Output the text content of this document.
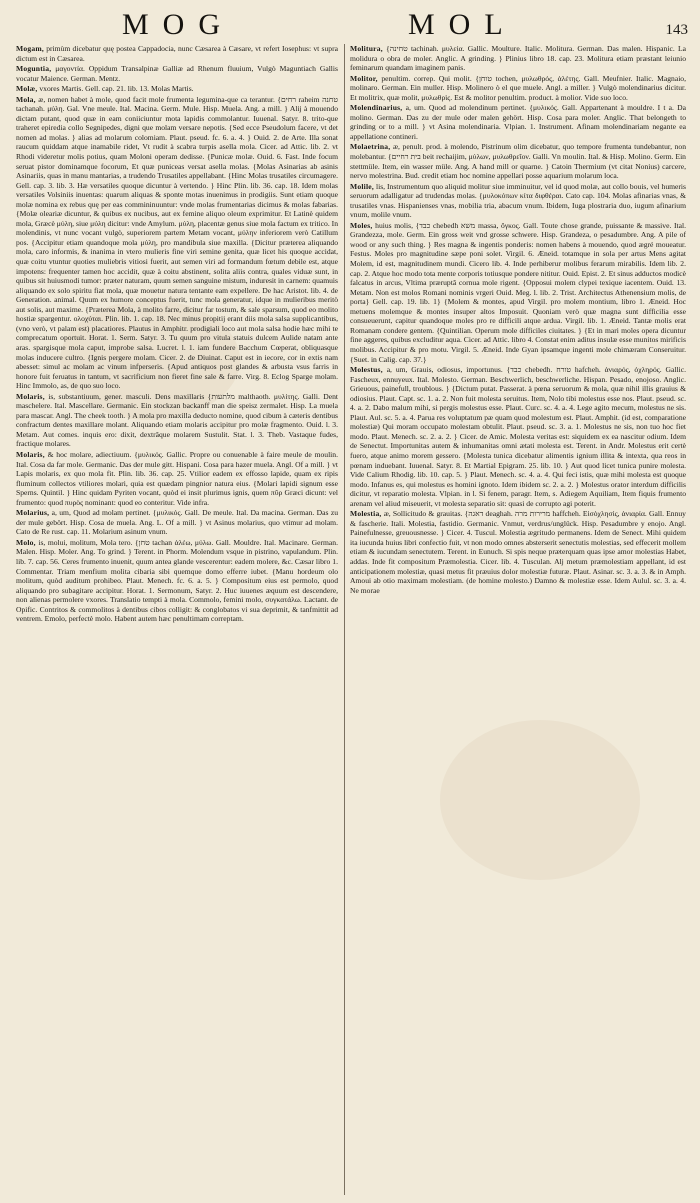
MOG	MOL	143

Mogam, primùm dicebatur quę postea Cappadocia, nunc Cæsarea à Cæsare, vt refert Iosephus: vt supra dictum est in Cæsarea.

Moguntia, μαγοντία. Oppidum Transalpinæ Galliæ ad Rhenum fluuium, Vulgò Maguntiach Gallis vocatur Maience. German. Mentz.

Molæ, vxores Martis. Gell. cap. 21. lib. 13. Molas Martis.

Mola, æ, nomen habet à mole, quod facit mole frumenta legumina-que ca terantur. {רחים raheim טחנה tachanah. μύλη. Gal. Vne meule. Ital. Macina. Germ. Mule. Hisp. Muela. Ang. a mill. } Alij à mouendo dictam putant, quod quæ in eam coniiciuntur mota lapidis commolantur. Iuuenal. Satyr. 8. trito-que traheret epiredia collo Segnipedes, digni que molam versare nepotis. {Sed ecce Pseudolum facere, vt det nomen ad molas. } alias ad molarum colomiam. Plaut. pseud. fc. 6. a. 4. } Ouid. 2. de Arte. Illa sonat raucum quiddam atque inamabile ridet, Vt rudit à scabra turpis asella mola. Cicer. ad Attic. lib. 2. vt Rhodi videretur molis potius, quam Moloni operam dedisse. {Punicæ molæ. Ouid. 6. Fast. Inde focum seruat pistor dominamque focorum, Et quæ puniceas versat asella molas. {Molas Asinarias ab asinis Asinariis, quas in manu mantarias, a trudendo Trusatiles appellabant. {Hinc Molas trusatiles circumagere. Gell. cap. 3. lib. 3. Hæ versatiles quoque dicuntur à vertendo. } Hinc Plin. lib. 36. cap. 18. Idem molas versatiles Volsiniis inuentas: quarum aliquas & sponte motas inuenimus in prodigiis. Sunt etiam quoque molæ nomina ex rebus quę per eas commininuuntur: vnde molas frumentarias dicimus & molas fabarias. {Molæ oleariæ dicuntur, & quibus ex nucibus, aut ex femine aliquo oleum exprimitur. Et Latinè quidem mola, Græcè μύλη, siue μύλη dicitur: vnde Amylum. μύλη, placentæ genus siue mola factum ex tritico. In molendinis, vt nunc vocant vulgò, superiorem partem Metam vocant, μύλην inferiorem verò Catillum pos. {Accipitur etiam quandoque mola μύλη, pro mandibula siue maxilla. {Dicitur præterea aliquando mola, caro informis, & inanima in vtero mulieris fine viri semine genita, quæ licet his quoque accidat, quæ coitu vtuntur quoties muliebris vitiosi fuerit, aut semen viri ad formandum fœtum debile est, atque impotens: frequenter tamen hoc accidit, quæ à coitu abstinent, solita aliis contra, quales viduæ sunt, in quibus sit huiusmodi tumor: præter naturam, quum semen sanguine mistum, induresit in carnem: quamuis aliquando ex solo spiritu fiat mola, quæ mouetur natura tentante eam expellere. De hac Aristot. lib. 4. de Generation. animal. Quum ex humore conceptus fuerit, tunc mola generatur, idque in mulieribus meritò aut solis, aut maxime. {Præterea Mola, à molito farre, dicitur far tostum, & sale sparsum, quod eo molito hostiæ spargentur. ολοχύται. Plin. lib. 1. cap. 18. Nec minus propitij erant diis mola salsa supplicantibus, (vno verò, vt palam est) placatiores. Plautus in Amphitr. prodigiali loco aut mola salsa hodie hæc mihi te comprecatum oportuit. Horat. 1. Serm. Satyr. 3. Tu quum pro vitula statuis dulcem Aulide natam ante aras. spargisque mola caput, improbe salsa. Lucret. l. 1. iam fundere Bacchum Cœperat, obliquasque molas inducere cultro. {Ignis pergere molam. Cicer. 2. de Diuinat. Caput est in iecore, cor in extis nam abesset: simul ac molam ac vinum infperseris. {Apud antiquos post glandes & arbusta vsus farris in honore fuit feruatus in tantum, vt sacrificium non fieret fine sale & farre. Virg. 8. Eclog Sparge molam. Hinc Immolo, as, de quo suo loco.

Molaris, is, substantiuum, gener. masculi. Dens maxillaris {מלתעות malthaoth. μυλίτης. Galli. Dent maschelere. Ital. Mascellare. Germanic. Ein stockzan backanff man die speisz zermalet. Hisp. La muela para mascar. Angl. The cheek tooth. } A mola pro maxilla deducto nomine, quod cibum à cæteris dentibus confractum dentes maxillare molant. Aliquando etiam molaris accipitur pro molæ fragmento. Ouid. l. 3. Metam. Aut comes. inquis ero: dixit, dextrâque molarem Sustulit. Stat. l. 3. Theb. Vastaque fudes, fractique molares.

Molaris, & hoc molare, adiectiuum. {μυλικός. Gallic. Propre ou conuenable à faire meule de moulin. Ital. Cosa da far mole. Germanic. Das der mule gitt. Hispani. Cosa para hazer muela. Angl. Of a mill. } vt Lapis molaris, ex quo mola fit. Plin. lib. 36. cap. 25. Vtilior eadem ex effosso lapide, quam ex ripis fluminum collectos vtiliores molari, quia est quædam pingnior natura eius. {Molari lapidi signum esse Sperns. Quintil. } Hinc quidam Pyriten vocant, quòd ei insit plurimus ignis, quem πῦρ Græci dicunt: vel frumento: quod πυρὸς nominant: quod eo conteritur. Vide infra.

Molarius, a, um, Quod ad molam pertinet. {μυλικός. Gall. De meule. Ital. Da macina. German. Das zu der mule gebört. Hisp. Cosa de muela. Ang. L. Of a mill. } vt Asinus molarius, quo vtimur ad molam. Cato de Re rust. cap. 11. Molarium asinum vnum.

Molo, is, molui, molitum, Mola tero. {טחן tachan ἀλέω, μύλω. Gall. Mouldre. Ital. Macinare. German. Malen. Hisp. Moler. Ang. To grind. } Terent. in Phorm. Molendum vsque in pistrino, vapulandum. Plin. lib. 7. cap. 56. Ceres frumento inuenit, quum antea glande vescerentur: eadem molere, &c. Cæsar libro 1. Commentar. Triam menfium molita cibaria sibi quemque domo efferre iubet. {Manu hordeum olo molitum, quòd auditum prohibeo. Plaut. Menech. fc. 6. a. 5. } Compositum eius est permolo, quod aliquando pro subagitare accipitur. Horat. 1. Sermonum, Satyr. 2. Huc iuuenes æquum est descendere, non alienas permolere vxores. Translatio tempti à mola. Commolo, femini molo, συγκατάλω. Lactant. de Opific. Contritos & commolitos à dentibus cibos colligit: & conglobatos vi sua deprimit, & tanfmittit ad ventrem. Emolo, perfectè molo. Habent autem hæc penultimam correptam.

Molitura, {טחינה tachinah. μυλεία. Gallic. Moulture. Italic. Molitura. German. Das malen. Hispanic. La molidura o obra de moler. Anglic. A grinding. } Plinius libro 18. cap. 23. Molitura etiam præstant leiunio feminarum quandam imaginem panis.

Molitor, penultim. correp. Qui molit. {טוחן tochen, μυλωθρός, ἀλέτης. Gall. Meufnier. Italic. Magnaio, molinaro. German. Ein muller. Hisp. Molinero ò el que muele. Angl. a miller. } Vulgò molendinarius dicitur. Et molitrix, quæ molit, μυλωθρὶς. Est & molitor penultim. product. à molior. Vide suo loco.

Molendinarius, a, um. Quod ad molendinum pertinet. {μυλικός. Gall. Appartenant à mouldre. I t a. Da molino. German. Das zu der mule oder malen gehört. Hisp. Cosa para moler. Anglic. That belongeth to grinding or to a mill. } vt Asina molendinaria. Vlpian. 1. Instrument. Afinam molendinariam negante ea appellatione contineri.

Molaetrina, æ, penult. prod. à molendo, Pistrinum olim dicebatur, quo tempore frumenta tundebantur, non molebantur. {בית רחיים beit rechaijim, μύλων, μυλωθρεῖον. Galli. Vn moulin. Ital. & Hisp. Molino. Germ. Ein stettmüle. Item, ein wasser müle. Ang. A hand mill or quarne. } Catoin Thermium (vt citat Nonius) carcere, nervo molestrina. Bud. credit etiam hoc nomine appellari posse aquarium molarum loca.

Molile, lis, Instrumentum quo aliquid molitur siue imminuitur, vel id quod molæ, aut collo bouis, vel humeris seruorum adalligatur ad trudendas molas. {μυλοκόπων κίτα διφθέραι. Cato cap. 104. Molas afinarias vnas, & trusatiles vnas. Hispanienses vnas, mobilia tria, abacum vnum. Ibidem, Iuga plostraria duo, iugum afinarium vnum, molile vnum.

Moles, huius molis, {כבד chebedh משא massa, ὄγκος. Gall. Toute chose grande, puissante & massive. Ital. Grandezza, mole. Germ. Ein gross weit vnd grosse schwere. Hisp. Grandeza, o pesadumbre. Ang. A pile of wood or any such thing. } Res magna & ingentis ponderis: nomen habens à mouendo, quod ægré moueatur. Festus. Moles pro magnitudine sæpe poni solet. Virgil. 6. Æneid. totamque in sola per artus Mens agitat Molem, id est, magnitudinem mundi. Cicero lib. 4. Inde perhiberur molibus ferarum mirabilis. Idem lib. 2. cap. 2. Atque hoc modo tota mente corporis totiusque pondere nititur. Ouid. Epist. 2. Et sinus adductos modicè falcatus in arcus, Vltima præruptâ cornua mole rigent. {Opposui molem clypei texique iacentem. Ouid. 13. Metam. Non est molos Romani nominis vrgeri Ouid. Meg. l. lib. 2. Trist. Architectus Athenensium molis, de porta} Gell. cap. 19. lib. 1} {Molem & montes, apud Virgil. pro molem montium, libro 1. Æneid. Hoc metuens molemque & montes insuper altos Imposuit. Quoniam verò quæ magna sunt difficilia esse consueuerunt, capitur quandoque moles pro re difficili atque ardua. Virgil. lib. 1. Æneid. Tantæ molis erat Romanam condere gentem. {Quintilian. Operum mole difficiles ciuitates. } {Et in mari moles opera dicuntur fine aggeres, quibus excluditur aqua. Cicer. ad Attic. libro 4. Constat enim aditus insulæ esse munitos mirificis molibus. Accipitur & pro motu. Virgil. 5. Æneid. Inde Gyan ipsamque ingenti mole chimæram Conseruitur. {Suet. in Calig. cap. 37.}

Molestus, a, um, Grauis, odiosus, importunus. {כבד chebedh. טורח hafcheh. ἀνιαρός, ὀχληρός. Gallic. Fascheux, ennuyeux. Ital. Molesto. German. Beschwerlich, beschwerliche. Hispan. Pesado, enojoso. Anglic. Grieuous, painefull, troublous. } {Dictum putat. Passerat. à pœna seruorum & mola, quæ nihil illis grauius & odiosius. Plaut. Capt. sc. 1. a. 2. Non fuit molesta seruitus. Item, Nolo tibi molestus esse nos. Plaut. pseud. sc. 4. a. 2. Dabo malum mihi, si pergis molestus esse. Plaut. Curc. sc. 4. a. 4. Lege agito mecum, molestus ne sis. Plaut. Aul. sc. 5. a. 4. Parua res voluptatum pæ quam quod molestum est. Plaut. Amphit. (id est, comparatione molestiæ) Qui moram occupato molestam obtulit. Plaut. pseud. sc. 3. a. 1. Molestus ne sis, non tuo hoc fiet modo. Plaut. Menech. sc. 2. a. 2. } Cicer. de Amic. Molesta veritas est: siquidem ex ea nascitur odium. Idem de Senectut. Importunitas autem & inhumanitas omni ætati molesta est. Terent. in Andr. Molestus erit certè fuero, atque animo morem gessero. {Molesta tunica dicebatur alimentis ignium illita & intexta, qua reos in pœnam induebant. Iuuenal. Satyr. 8. Et Martial Epigram. 25. lib. 10. } Aut quod licet tunica punire molesta. Vide Calium Rhodig. lib. 10. cap. 5. } Plaut. Menech. sc. 4. a. 4. Qui feci istis, quæ mihi molesta est quoque modo. Infanus es, qui molestus es homini ignoto. Idem ibidem sc. 2. a. 2. } Molestus orator interdum difficilis dicitur, vt reparatio molesta. Vlpian. in l. Si fenem, paragr. Item, s. Adiegem Aquiliam, Item fiquis frumento arenam vel aliud miseuerit, vt molesta separatio sit: quasi de corrupto agi poterit.

Molestia, æ, Sollicitudo & grauitas. {דאגה deaghah. מרירות מרה haffcheh. Eἰσὁχλησίς, ἀνιαρία. Gall. Ennuy & fascherie. Itali. Molestia, fastidio. Germanic. Vnmut, verdrus/unglück. Hisp. Pesadumbre y enojo. Angl. Painefulnesse, greuousnesse. } Cicer. 4. Tuscul. Molestia ægritudo permanens. Idem de Senect. Mihi quidem ita iucunda huius libri confectio fuit, vt non modo omnes absterserit senectutis molestias, sed effecerit mollem etiam & iucundam senectutem. Terent. in Eunuch. Si spis neque præterquam quas ipse amor molestias Habet, addas. Inde fit compositum Præmolestia. Cicer. lib. 4. Tusculan. Alj metum præmolestiam appellant, id est anticipationem molestiæ, quasi metus fit præuius dolor molestiæ futuræ. Plaut. Asinar. sc. 3. a. 3. & in Amph. Amoui ab otio maximam molestiam. (de homine molesto.) Damno & molestiæ esse. Idem Aulul. sc. 3. a. 4. Ne morae
